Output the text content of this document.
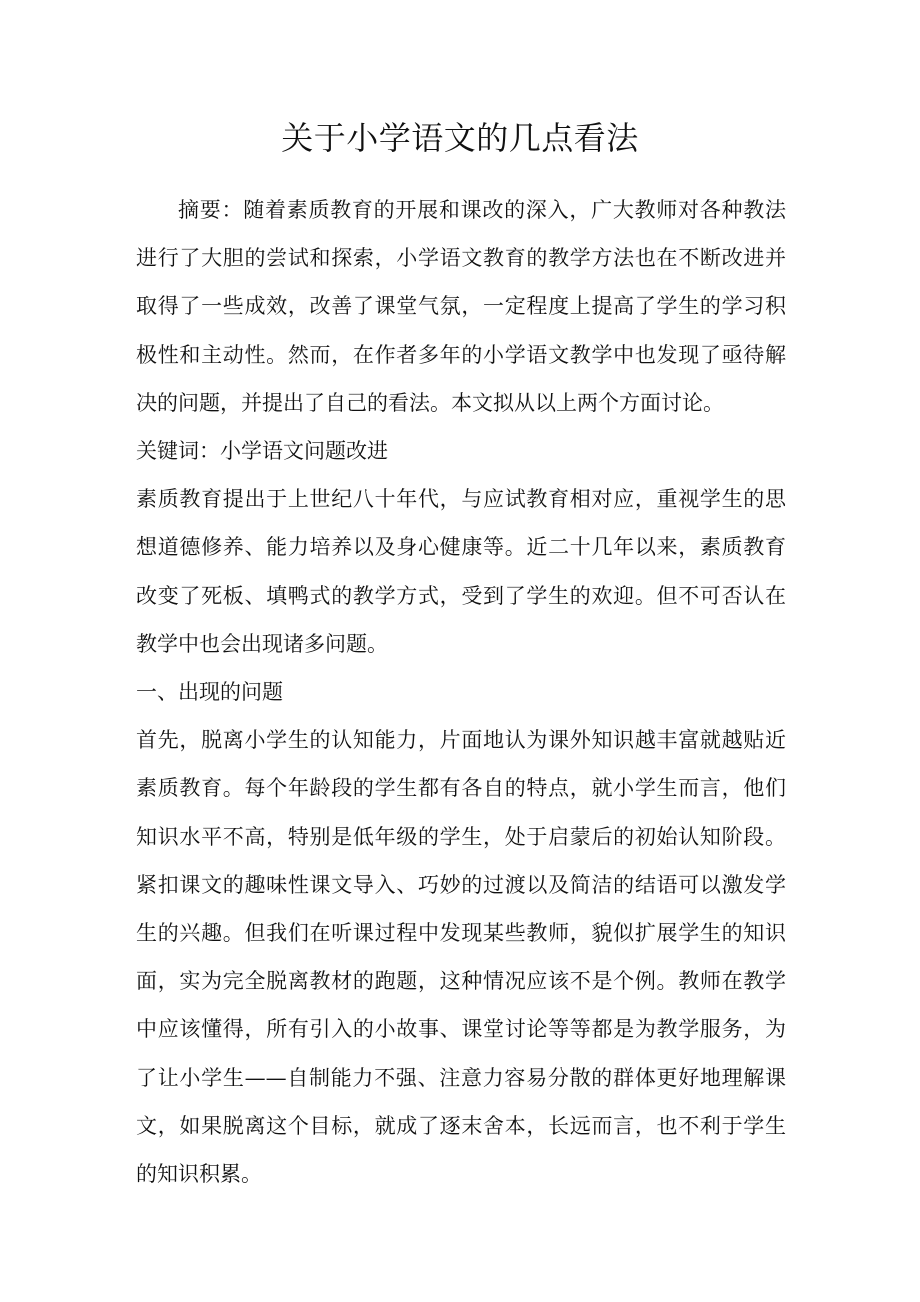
关于小学语文的几点看法

摘要：随着素质教育的开展和课改的深入，广大教师对各种教法进行了大胆的尝试和探索，小学语文教育的教学方法也在不断改进并取得了一些成效，改善了课堂气氛，一定程度上提高了学生的学习积极性和主动性。然而，在作者多年的小学语文教学中也发现了亟待解决的问题，并提出了自己的看法。本文拟从以上两个方面讨论。

关键词：小学语文问题改进

素质教育提出于上世纪八十年代，与应试教育相对应，重视学生的思想道德修养、能力培养以及身心健康等。近二十几年以来，素质教育改变了死板、填鸭式的教学方式，受到了学生的欢迎。但不可否认在教学中也会出现诸多问题。

一、出现的问题

首先，脱离小学生的认知能力，片面地认为课外知识越丰富就越贴近素质教育。每个年龄段的学生都有各自的特点，就小学生而言，他们知识水平不高，特别是低年级的学生，处于启蒙后的初始认知阶段。紧扣课文的趣味性课文导入、巧妙的过渡以及简洁的结语可以激发学生的兴趣。但我们在听课过程中发现某些教师，貌似扩展学生的知识面，实为完全脱离教材的跑题，这种情况应该不是个例。教师在教学中应该懂得，所有引入的小故事、课堂讨论等等都是为教学服务，为了让小学生——自制能力不强、注意力容易分散的群体更好地理解课文，如果脱离这个目标，就成了逐末舍本，长远而言，也不利于学生的知识积累。
